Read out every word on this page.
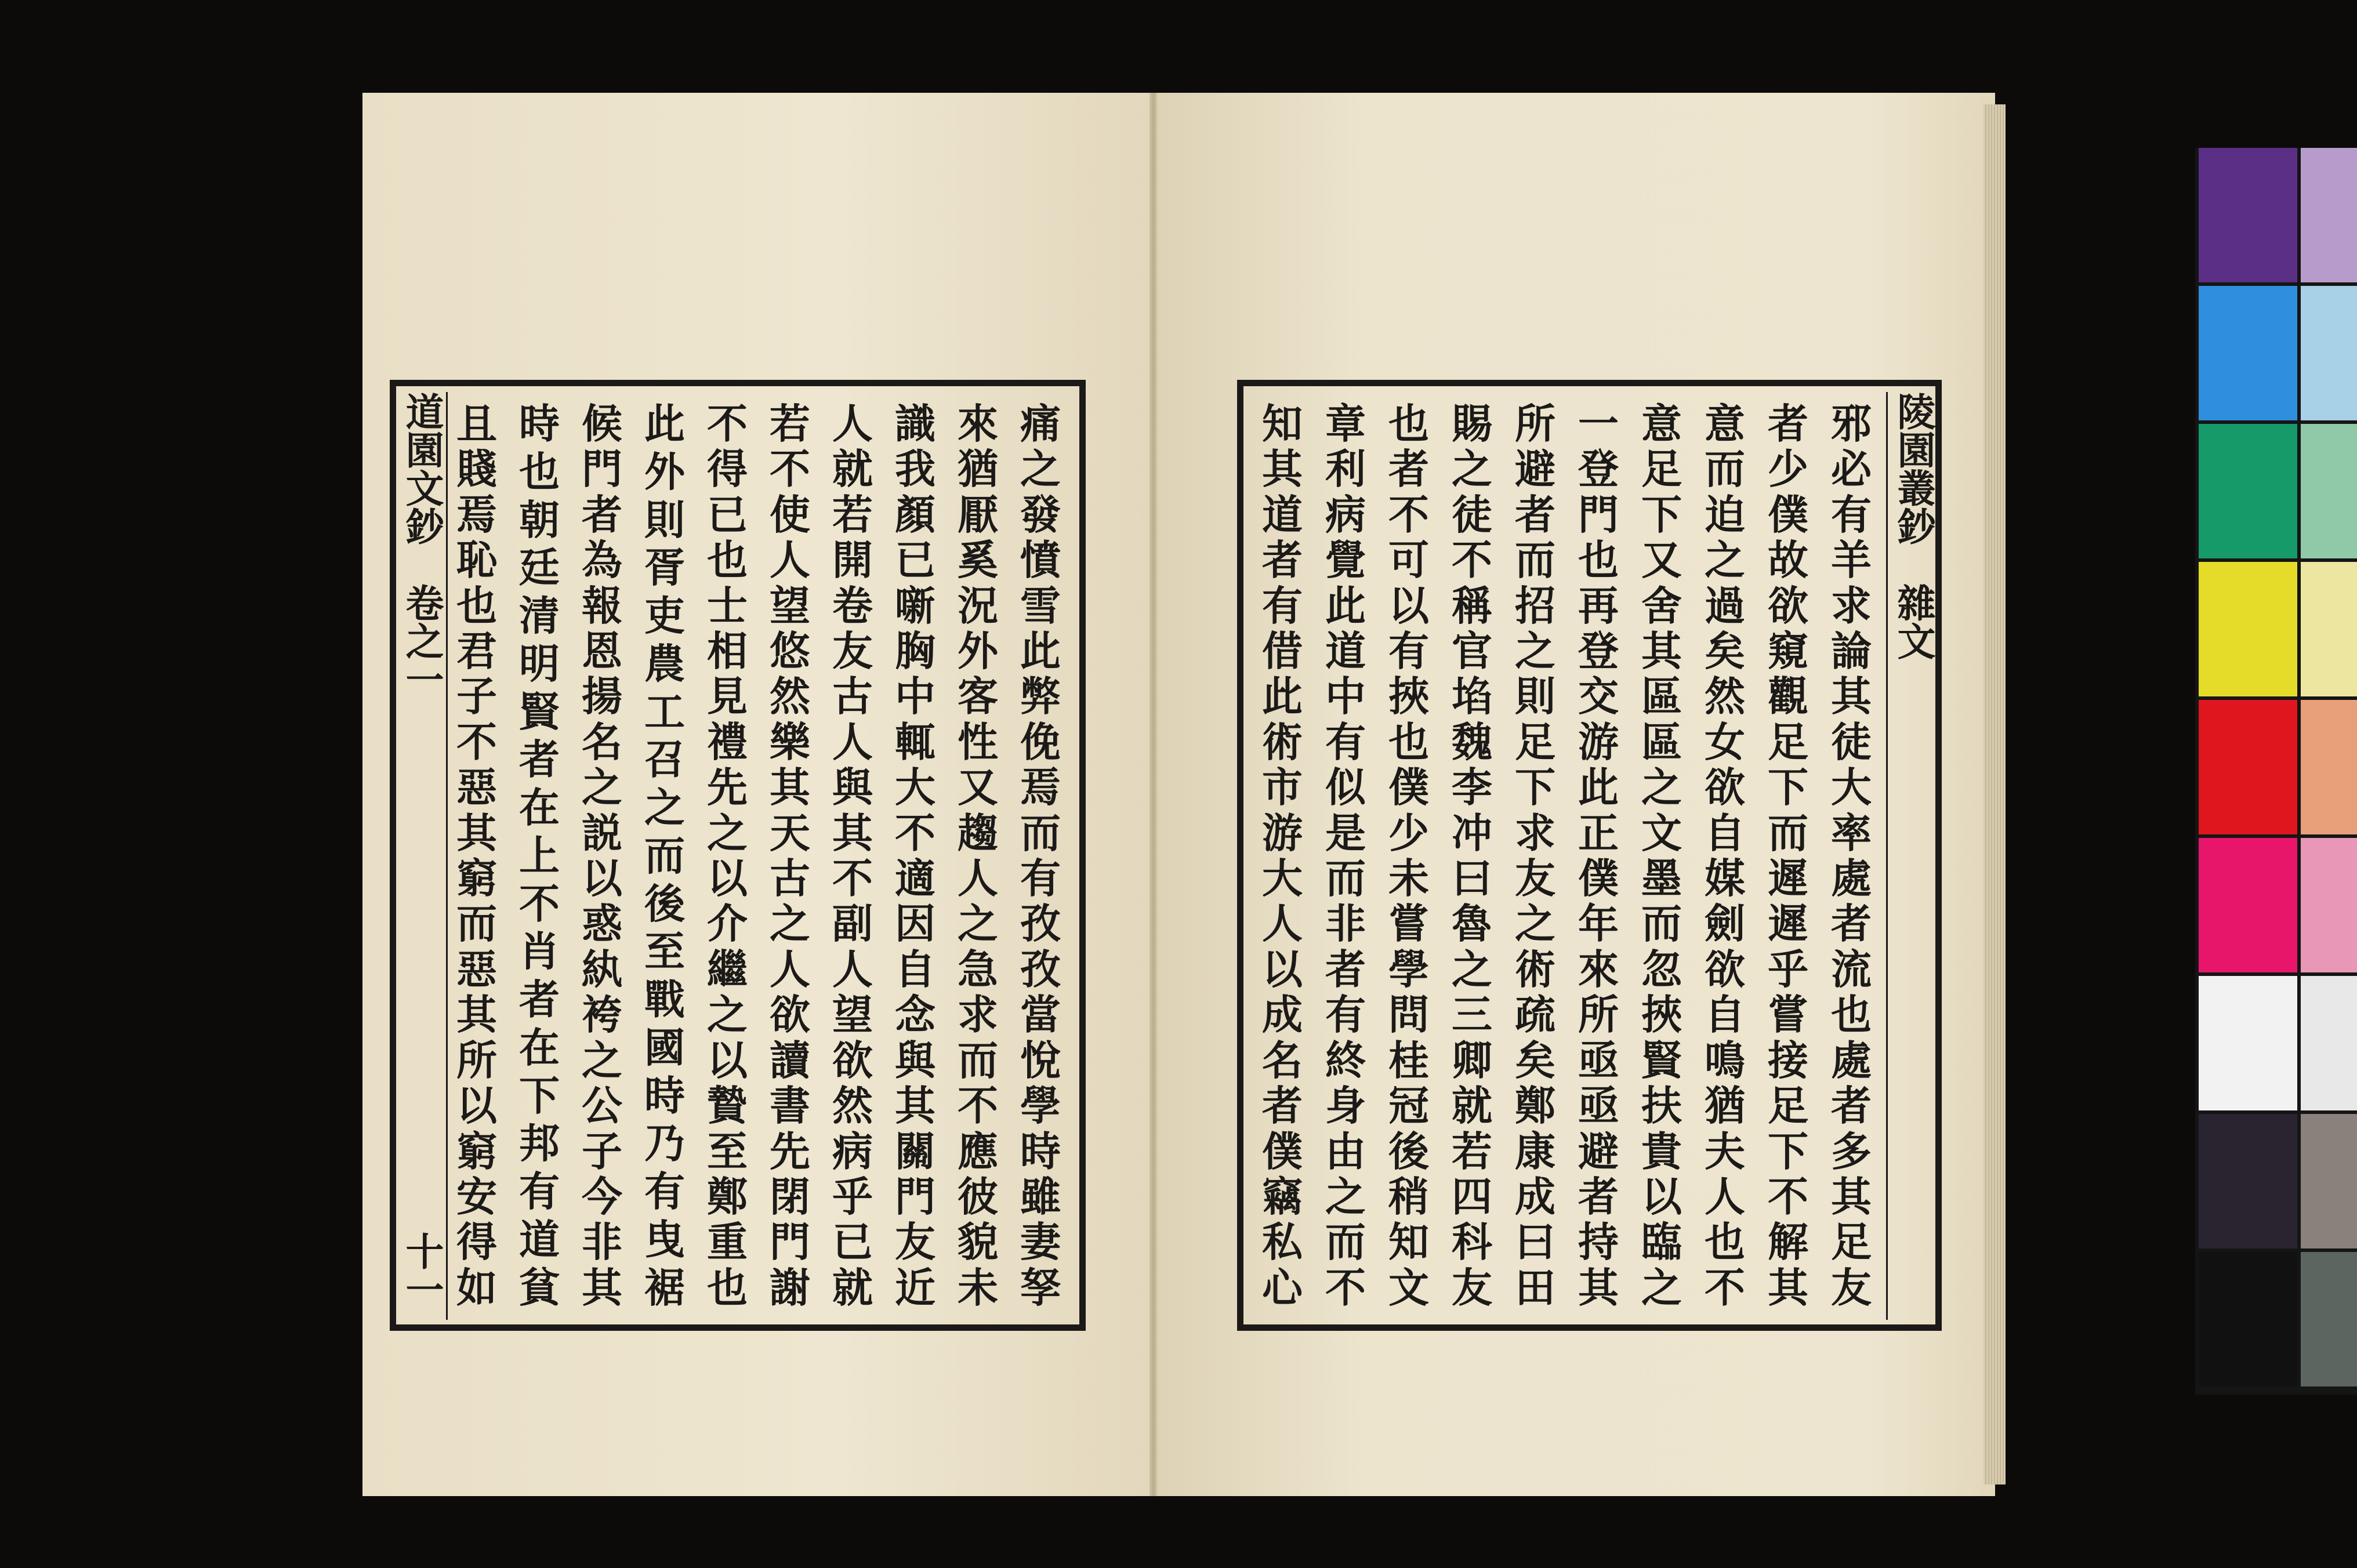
痛
之
發
憤
雪
此
弊
俛
焉
而
有
孜
孜
當
悅
學
時
雖
妻
孥
來
猶
厭
奚
況
外
客
性
又
趨
人
之
急
求
而
不
應
彼
貌
未
識
我
顏
已
噺
胸
中
輒
大
不
適
因
自
念
與
其
關
門
友
近
人
就
若
開
卷
友
古
人
與
其
不
副
人
望
欲
然
病
乎
已
就
若
不
使
人
望
悠
然
樂
其
天
古
之
人
欲
讀
書
先
閉
門
謝
不
得
已
也
士
相
見
禮
先
之
以
介
繼
之
以
贄
至
鄭
重
也
此
外
則
胥
吏
農
工
召
之
而
後
至
戰
國
時
乃
有
曳
裾
候
門
者
為
報
恩
揚
名
之
説
以
惑
紈
袴
之
公
子
今
非
其
時
也
朝
廷
清
明
賢
者
在
上
不
肖
者
在
下
邦
有
道
貧
且
賤
焉
恥
也
君
子
不
惡
其
窮
而
惡
其
所
以
窮
安
得
如
道園文鈔　卷之一
十一
邪
必
有
羊
求
論
其
徒
大
率
處
者
流
也
處
者
多
其
足
友
者
少
僕
故
欲
窺
觀
足
下
而
遲
遲
乎
嘗
接
足
下
不
解
其
意
而
迫
之
過
矣
然
女
欲
自
媒
劍
欲
自
鳴
猶
夫
人
也
不
意
足
下
又
舍
其
區
區
之
文
墨
而
忽
挾
賢
扶
貴
以
臨
之
一
登
門
也
再
登
交
游
此
正
僕
年
來
所
亟
亟
避
者
持
其
所
避
者
而
招
之
則
足
下
求
友
之
術
疏
矣
鄭
康
成
曰
田
賜
之
徒
不
稱
官
埳
魏
李
冲
曰
魯
之
三
卿
就
若
四
科
友
也
者
不
可
以
有
挾
也
僕
少
未
嘗
學
問
桂
冠
後
稍
知
文
章
利
病
覺
此
道
中
有
似
是
而
非
者
有
終
身
由
之
而
不
知
其
道
者
有
借
此
術
市
游
大
人
以
成
名
者
僕
竊
私
心
陵園叢鈔　雜文
